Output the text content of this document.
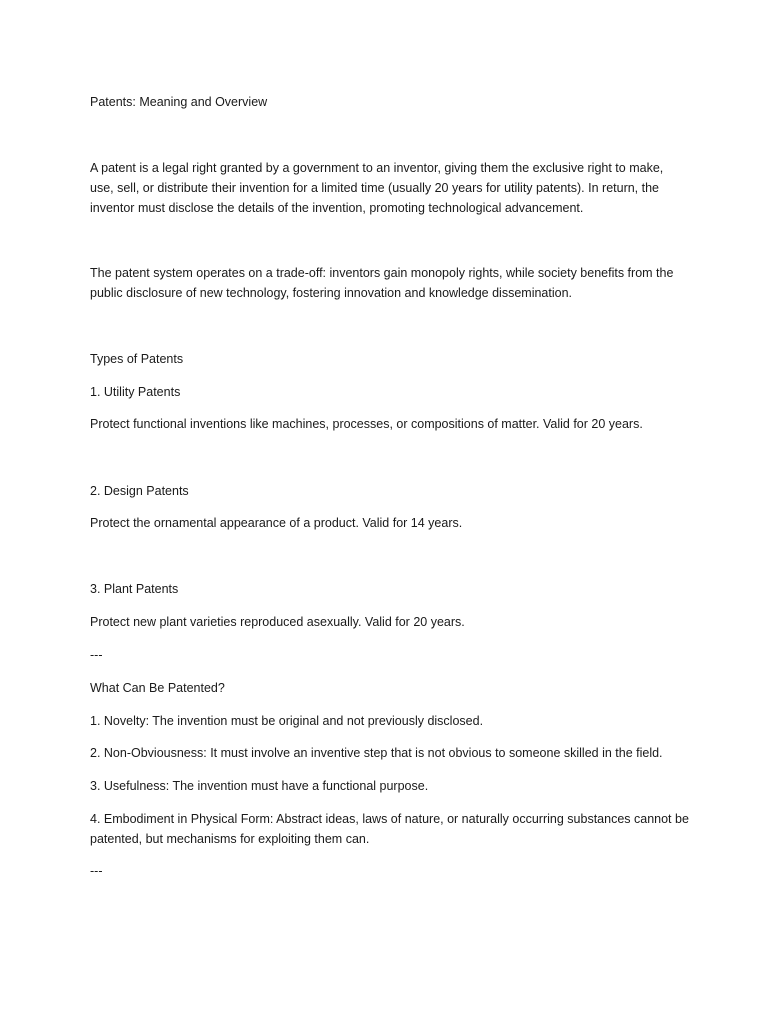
Patents: Meaning and Overview

A patent is a legal right granted by a government to an inventor, giving them the exclusive right to make, use, sell, or distribute their invention for a limited time (usually 20 years for utility patents). In return, the inventor must disclose the details of the invention, promoting technological advancement.

The patent system operates on a trade-off: inventors gain monopoly rights, while society benefits from the public disclosure of new technology, fostering innovation and knowledge dissemination.

Types of Patents

1. Utility Patents

Protect functional inventions like machines, processes, or compositions of matter. Valid for 20 years.

2. Design Patents

Protect the ornamental appearance of a product. Valid for 14 years.

3. Plant Patents

Protect new plant varieties reproduced asexually. Valid for 20 years.

---

What Can Be Patented?

1. Novelty: The invention must be original and not previously disclosed.

2. Non-Obviousness: It must involve an inventive step that is not obvious to someone skilled in the field.

3. Usefulness: The invention must have a functional purpose.

4. Embodiment in Physical Form: Abstract ideas, laws of nature, or naturally occurring substances cannot be patented, but mechanisms for exploiting them can.

---
